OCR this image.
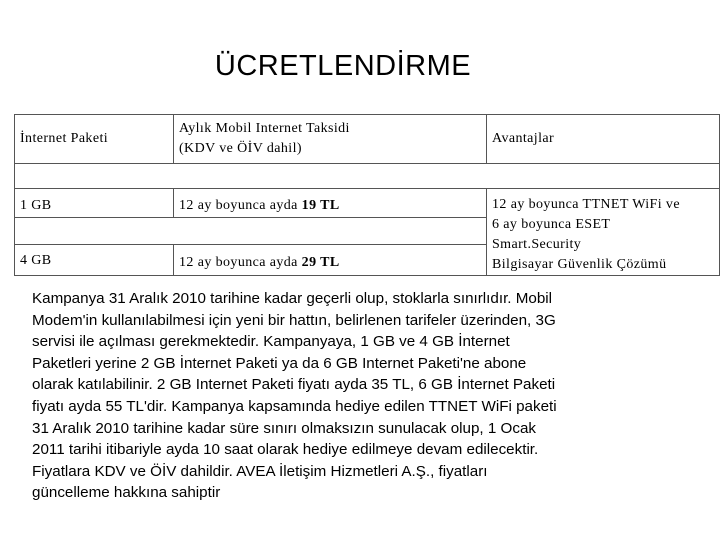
ÜCRETLENDİRME
İnternet Paketi
Aylık Mobil Internet Taksidi
(KDV ve ÖİV dahil)
Avantajlar
1 GB	12 ay boyunca ayda 19 TL
4 GB	12 ay boyunca ayda 29 TL
12 ay boyunca TTNET WiFi ve
6 ay boyunca ESET
Smart.Security
Bilgisayar Güvenlik Çözümü
Kampanya 31 Aralık 2010 tarihine kadar geçerli olup, stoklarla sınırlıdır. Mobil
Modem'in kullanılabilmesi için yeni bir hattın, belirlenen tarifeler üzerinden, 3G
servisi ile açılması gerekmektedir. Kampanyaya, 1 GB ve 4 GB İnternet
Paketleri yerine 2 GB İnternet Paketi ya da 6 GB Internet Paketi'ne abone
olarak katılabilinir. 2 GB Internet Paketi fiyatı ayda 35 TL, 6 GB İnternet Paketi
fiyatı ayda 55 TL'dir. Kampanya kapsamında hediye edilen TTNET WiFi paketi
31 Aralık 2010 tarihine kadar süre sınırı olmaksızın sunulacak olup, 1 Ocak
2011 tarihi itibariyle ayda 10 saat olarak hediye edilmeye devam edilecektir.
Fiyatlara KDV ve ÖİV dahildir. AVEA İletişim Hizmetleri A.Ş., fiyatları
güncelleme hakkına sahiptir
